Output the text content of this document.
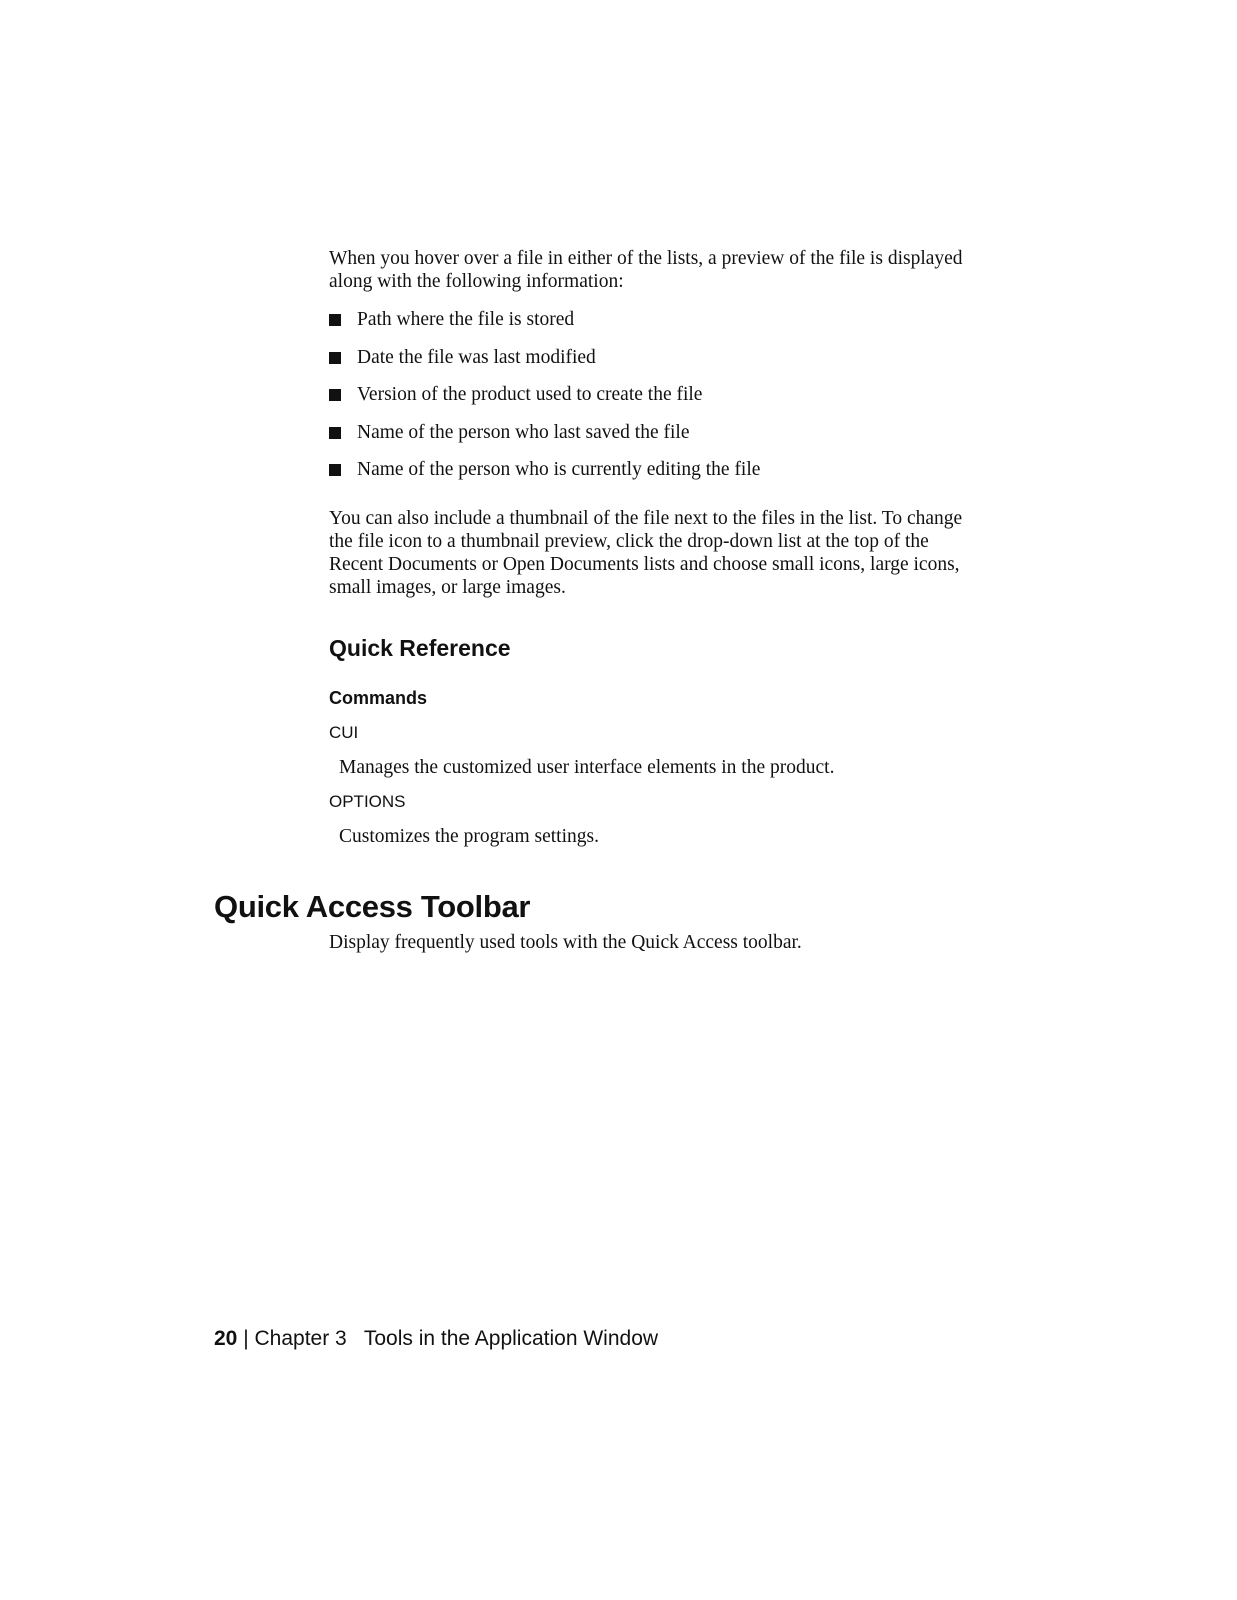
When you hover over a file in either of the lists, a preview of the file is displayed along with the following information:

Path where the file is stored
Date the file was last modified
Version of the product used to create the file
Name of the person who last saved the file
Name of the person who is currently editing the file

You can also include a thumbnail of the file next to the files in the list. To change the file icon to a thumbnail preview, click the drop-down list at the top of the Recent Documents or Open Documents lists and choose small icons, large icons, small images, or large images.

Quick Reference
Commands
CUI
Manages the customized user interface elements in the product.
OPTIONS
Customizes the program settings.
Quick Access Toolbar

Display frequently used tools with the Quick Access toolbar.

20 | Chapter 3 Tools in the Application Window
